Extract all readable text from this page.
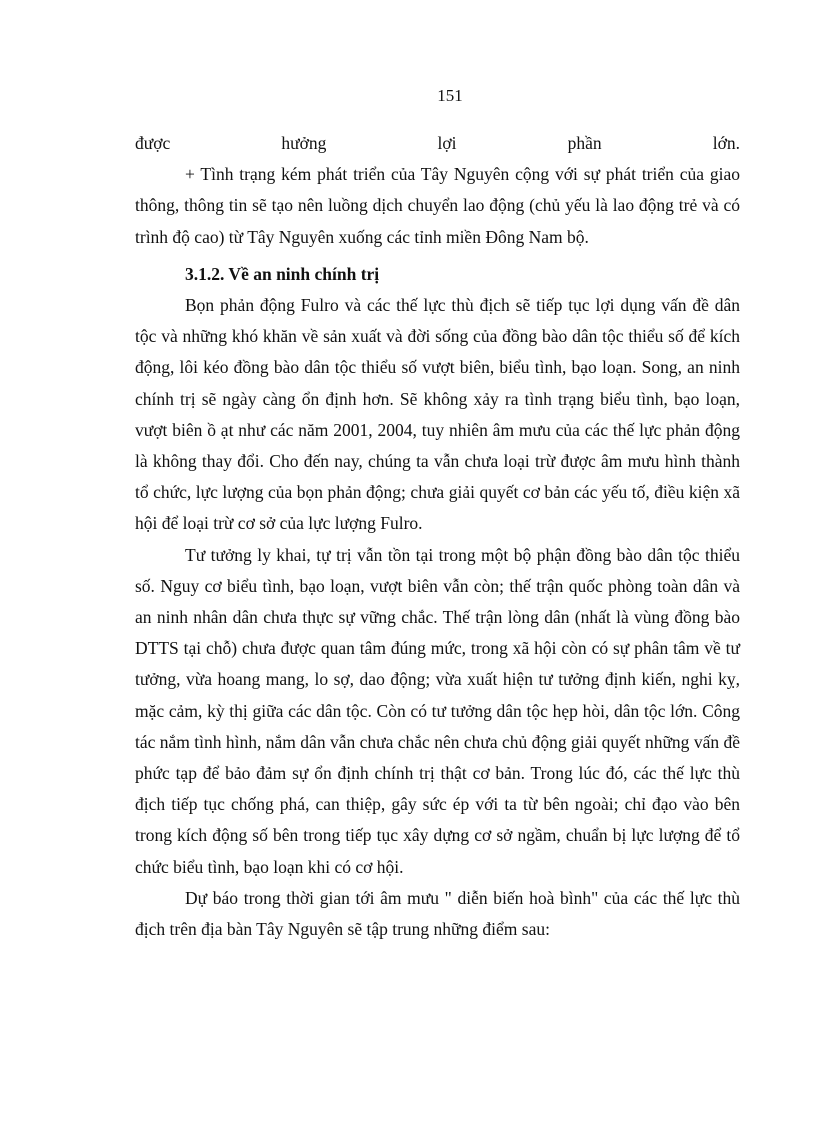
151

được hưởng lợi phần lớn.

+ Tình trạng kém phát triển của Tây Nguyên cộng với sự phát triển của giao thông, thông tin sẽ tạo nên luồng dịch chuyển lao động (chủ yếu là lao động trẻ và có trình độ cao) từ Tây Nguyên xuống các tỉnh miền Đông Nam bộ.

3.1.2. Về an ninh chính trị

Bọn phản động Fulro và các thế lực thù địch sẽ tiếp tục lợi dụng vấn đề dân tộc và những khó khăn về sản xuất và đời sống của đồng bào dân tộc thiểu số để kích động, lôi kéo đồng bào dân tộc thiểu số vượt biên, biểu tình, bạo loạn. Song, an ninh chính trị sẽ ngày càng ổn định hơn. Sẽ không xảy ra tình trạng biểu tình, bạo loạn, vượt biên ồ ạt như các năm 2001, 2004, tuy nhiên âm mưu của các thế lực phản động là không thay đổi. Cho đến nay, chúng ta vẫn chưa loại trừ được âm mưu hình thành tổ chức, lực lượng của bọn phản động; chưa giải quyết cơ bản các yếu tố, điều kiện xã hội để loại trừ cơ sở của lực lượng Fulro.

Tư tưởng ly khai, tự trị vẫn tồn tại trong một bộ phận đồng bào dân tộc thiểu số. Nguy cơ biểu tình, bạo loạn, vượt biên vẫn còn; thế trận quốc phòng toàn dân và an ninh nhân dân chưa thực sự vững chắc. Thế trận lòng dân (nhất là vùng đồng bào DTTS tại chỗ) chưa được quan tâm đúng mức, trong xã hội còn có sự phân tâm về tư tưởng, vừa hoang mang, lo sợ, dao động; vừa xuất hiện tư tưởng định kiến, nghi kỵ, mặc cảm, kỳ thị giữa các dân tộc. Còn có tư tưởng dân tộc hẹp hòi, dân tộc lớn. Công tác nắm tình hình, nắm dân vẫn chưa chắc nên chưa chủ động giải quyết những vấn đề phức tạp để bảo đảm sự ổn định chính trị thật cơ bản. Trong lúc đó, các thế lực thù địch tiếp tục chống phá, can thiệp, gây sức ép với ta từ bên ngoài; chỉ đạo vào bên trong kích động số bên trong tiếp tục xây dựng cơ sở ngầm, chuẩn bị lực lượng để tổ chức biểu tình, bạo loạn khi có cơ hội.

Dự báo trong thời gian tới âm mưu " diễn biến hoà bình" của các thế lực thù địch trên địa bàn Tây Nguyên sẽ tập trung những điểm sau:
